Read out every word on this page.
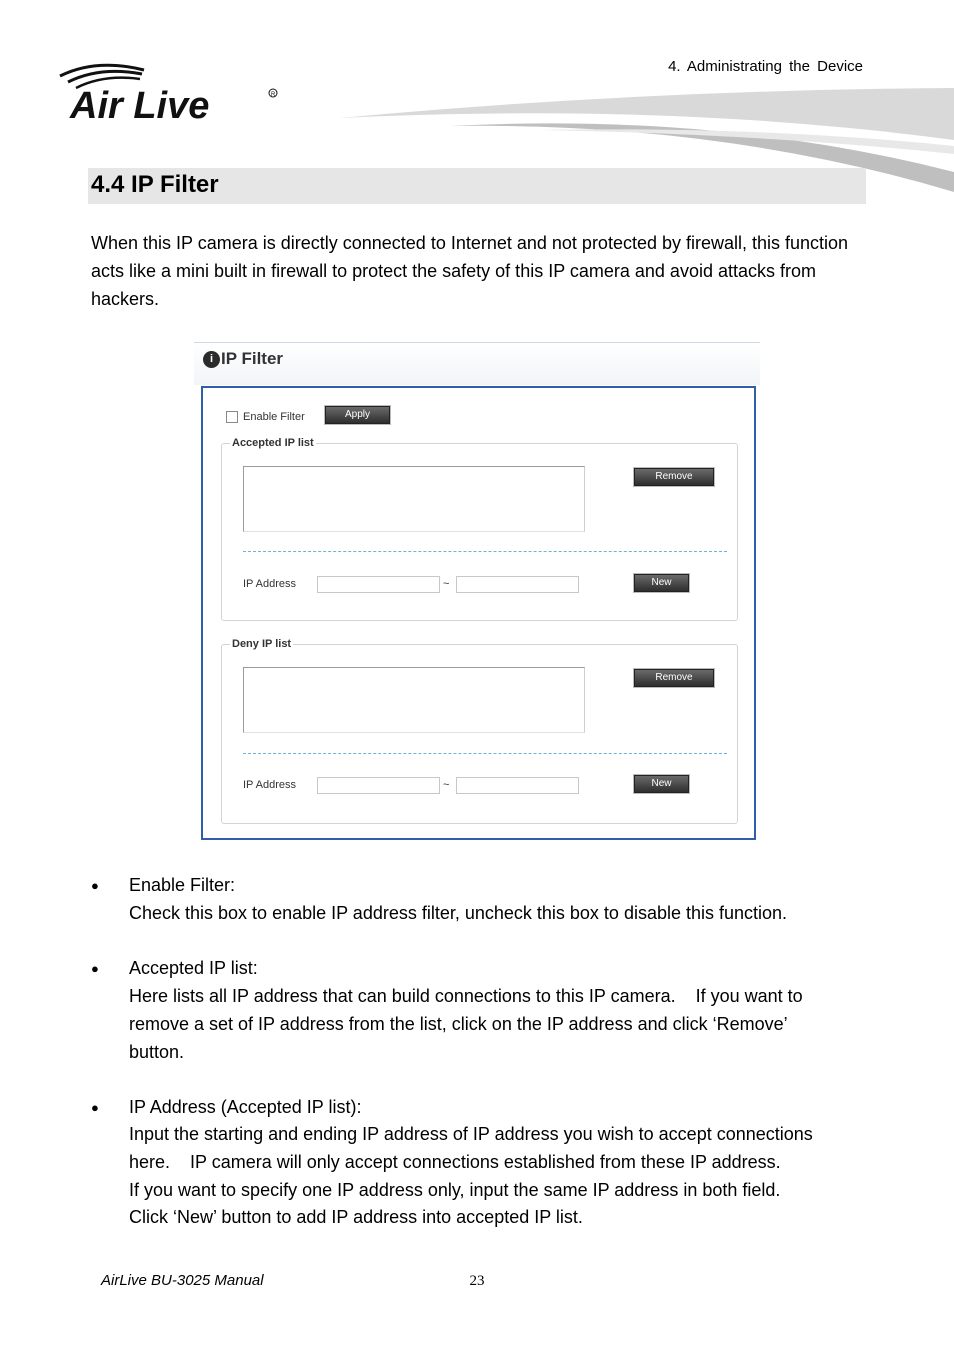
4. Administrating the Device
Air Live	R
4.4 IP Filter
When this IP camera is directly connected to Internet and not protected by firewall, this function acts like a mini built in firewall to protect the safety of this IP camera and avoid attacks from hackers.
i IP Filter
Enable Filter	Apply
Accepted IP list
Remove
IP Address	~	New
Deny IP list
Remove
IP Address	~	New
● Enable Filter:
Check this box to enable IP address filter, uncheck this box to disable this function.
● Accepted IP list:
Here lists all IP address that can build connections to this IP camera.    If you want to
remove a set of IP address from the list, click on the IP address and click ‘Remove’
button.
● IP Address (Accepted IP list):
Input the starting and ending IP address of IP address you wish to accept connections
here.    IP camera will only accept connections established from these IP address.
If you want to specify one IP address only, input the same IP address in both field.
Click ‘New’ button to add IP address into accepted IP list.
AirLive BU-3025 Manual	23
